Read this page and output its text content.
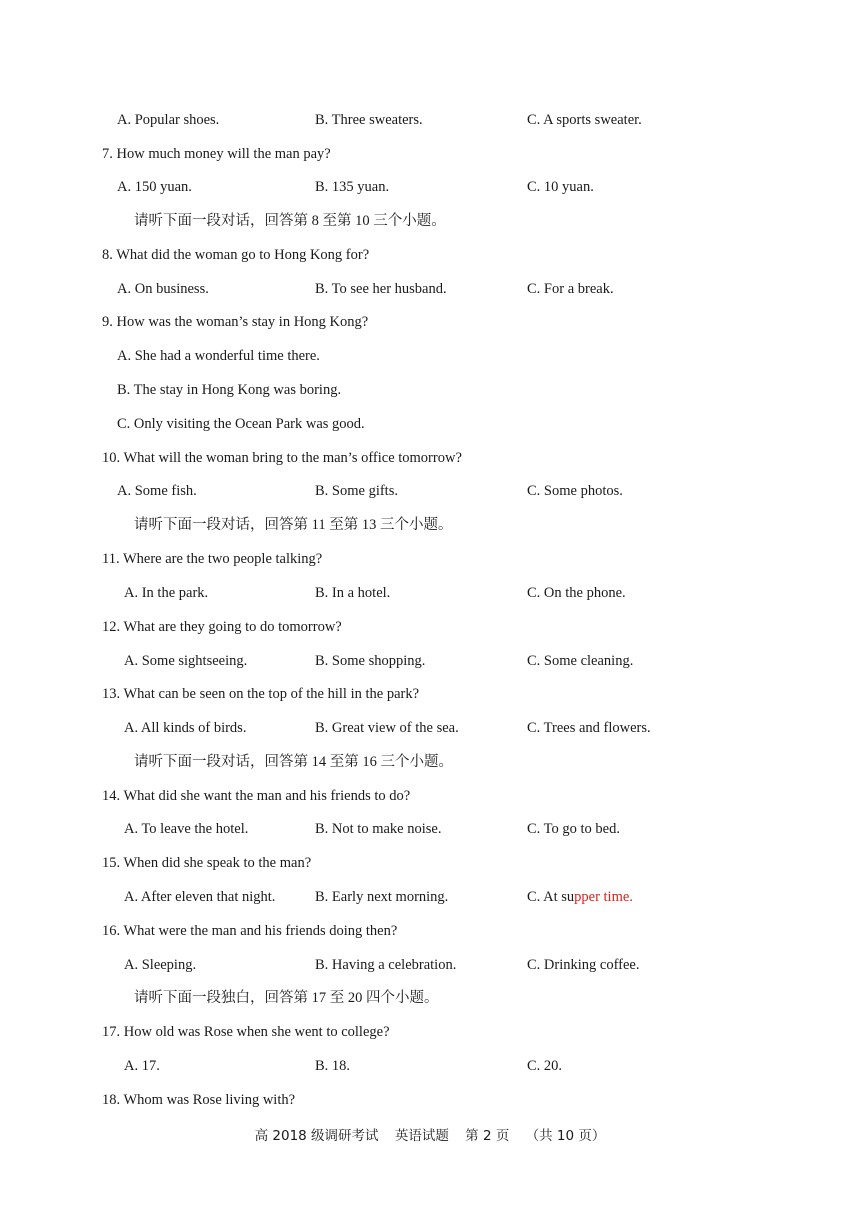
A. Popular shoes.	B. Three sweaters.	C. A sports sweater.
7. How much money will the man pay?
A. 150 yuan.	B. 135 yuan.	C. 10 yuan.
请听下面一段对话，回答第 8 至第 10 三个小题。
8. What did the woman go to Hong Kong for?
A. On business.	B. To see her husband.	C. For a break.
9. How was the woman’s stay in Hong Kong?
A. She had a wonderful time there.
B. The stay in Hong Kong was boring.
C. Only visiting the Ocean Park was good.
10. What will the woman bring to the man’s office tomorrow?
A. Some fish.	B. Some gifts.	C. Some photos.
请听下面一段对话，回答第 11 至第 13 三个小题。
11. Where are the two people talking?
A. In the park.	B. In a hotel.	C. On the phone.
12. What are they going to do tomorrow?
A. Some sightseeing.	B. Some shopping.	C. Some cleaning.
13. What can be seen on the top of the hill in the park?
A. All kinds of birds.	B. Great view of the sea.	C. Trees and flowers.
请听下面一段对话，回答第 14 至第 16 三个小题。
14. What did she want the man and his friends to do?
A. To leave the hotel.	B. Not to make noise.	C. To go to bed.
15. When did she speak to the man?
A. After eleven that night.	B. Early next morning.	C. At supper time.
16. What were the man and his friends doing then?
A. Sleeping.	B. Having a celebration.	C. Drinking coffee.
请听下面一段独白，回答第 17 至 20 四个小题。
17. How old was Rose when she went to college?
A. 17.	B. 18.	C. 20.
18. Whom was Rose living with?
高 2018 级调研考试 英语试题 第 2 页 （共 10 页）
